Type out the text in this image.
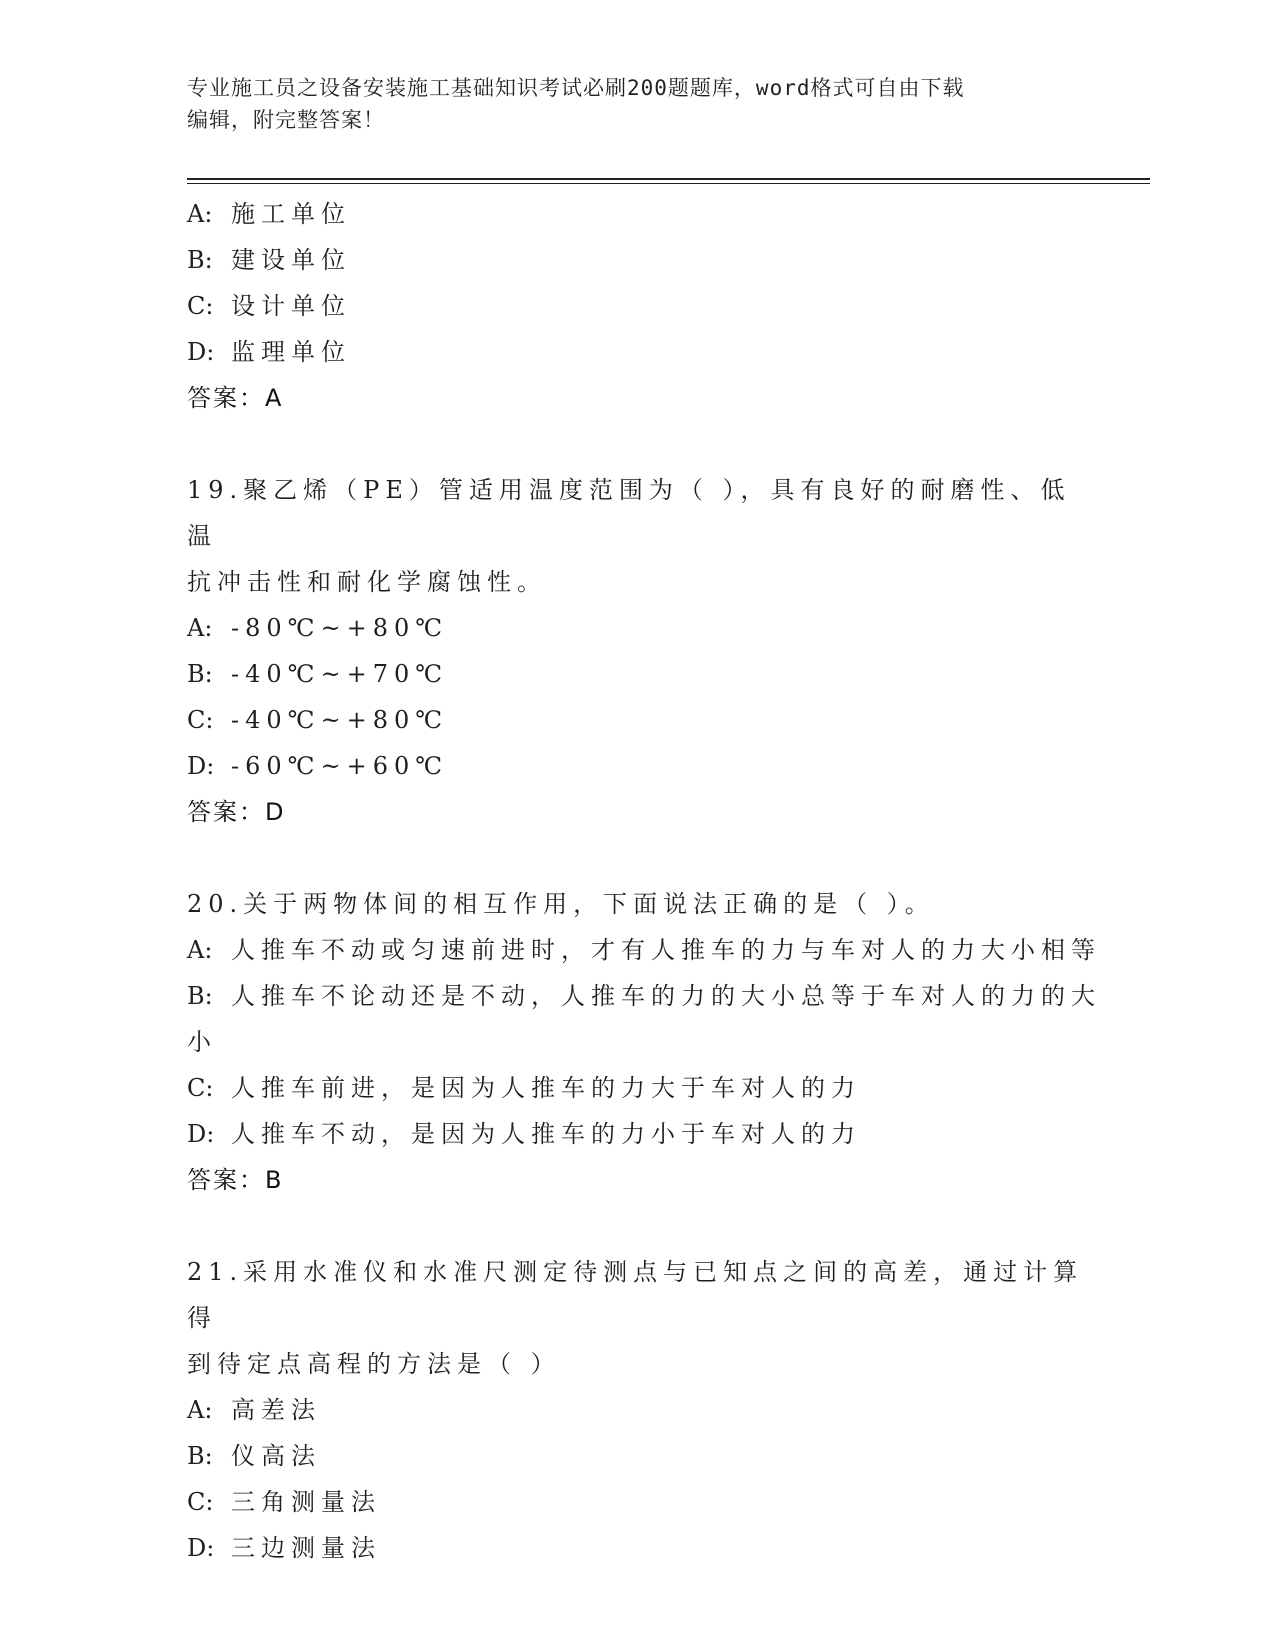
专业施工员之设备安装施工基础知识考试必刷200题题库，word格式可自由下载
编辑，附完整答案！
A: 施工单位
B: 建设单位
C: 设计单位
D: 监理单位
答案：A
19.聚乙烯（PE）管适用温度范围为（ ），具有良好的耐磨性、低温
抗冲击性和耐化学腐蚀性。
A: -80℃~+80℃
B: -40℃~+70℃
C: -40℃~+80℃
D: -60℃~+60℃
答案：D
20.关于两物体间的相互作用，下面说法正确的是（ ）。
A: 人推车不动或匀速前进时，才有人推车的力与车对人的力大小相等
B: 人推车不论动还是不动，人推车的力的大小总等于车对人的力的大
小
C: 人推车前进，是因为人推车的力大于车对人的力
D: 人推车不动，是因为人推车的力小于车对人的力
答案：B
21.采用水准仪和水准尺测定待测点与已知点之间的高差，通过计算得
到待定点高程的方法是（ ）
A: 高差法
B: 仪高法
C: 三角测量法
D: 三边测量法
